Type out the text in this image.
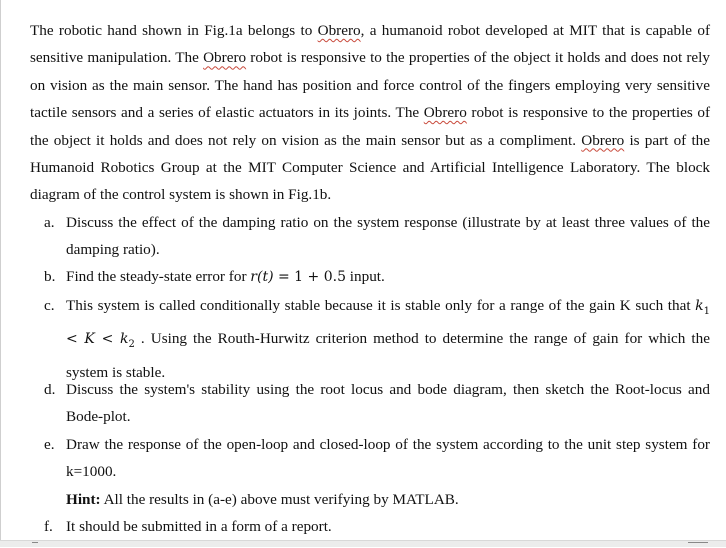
The robotic hand shown in Fig.1a belongs to Obrero, a humanoid robot developed at MIT that is capable of sensitive manipulation. The Obrero robot is responsive to the properties of the object it holds and does not rely on vision as the main sensor. The hand has position and force control of the fingers employing very sensitive tactile sensors and a series of elastic actuators in its joints. The Obrero robot is responsive to the properties of the object it holds and does not rely on vision as the main sensor but as a compliment. Obrero is part of the Humanoid Robotics Group at the MIT Computer Science and Artificial Intelligence Laboratory. The block diagram of the control system is shown in Fig.1b.

a. Discuss the effect of the damping ratio on the system response (illustrate by at least three values of the damping ratio).

b. Find the steady-state error for r(t) = 1 + 0.5 input.

c. This system is called conditionally stable because it is stable only for a range of the gain K such that $k_1 < K < k_2$ . Using the Routh-Hurwitz criterion method to determine the range of gain for which the system is stable.

d. Discuss the system's stability using the root locus and bode diagram, then sketch the Root-locus and Bode-plot.

e. Draw the response of the open-loop and closed-loop of the system according to the unit step system for k=1000.

Hint: All the results in (a-e) above must verifying by MATLAB.

f. It should be submitted in a form of a report.
